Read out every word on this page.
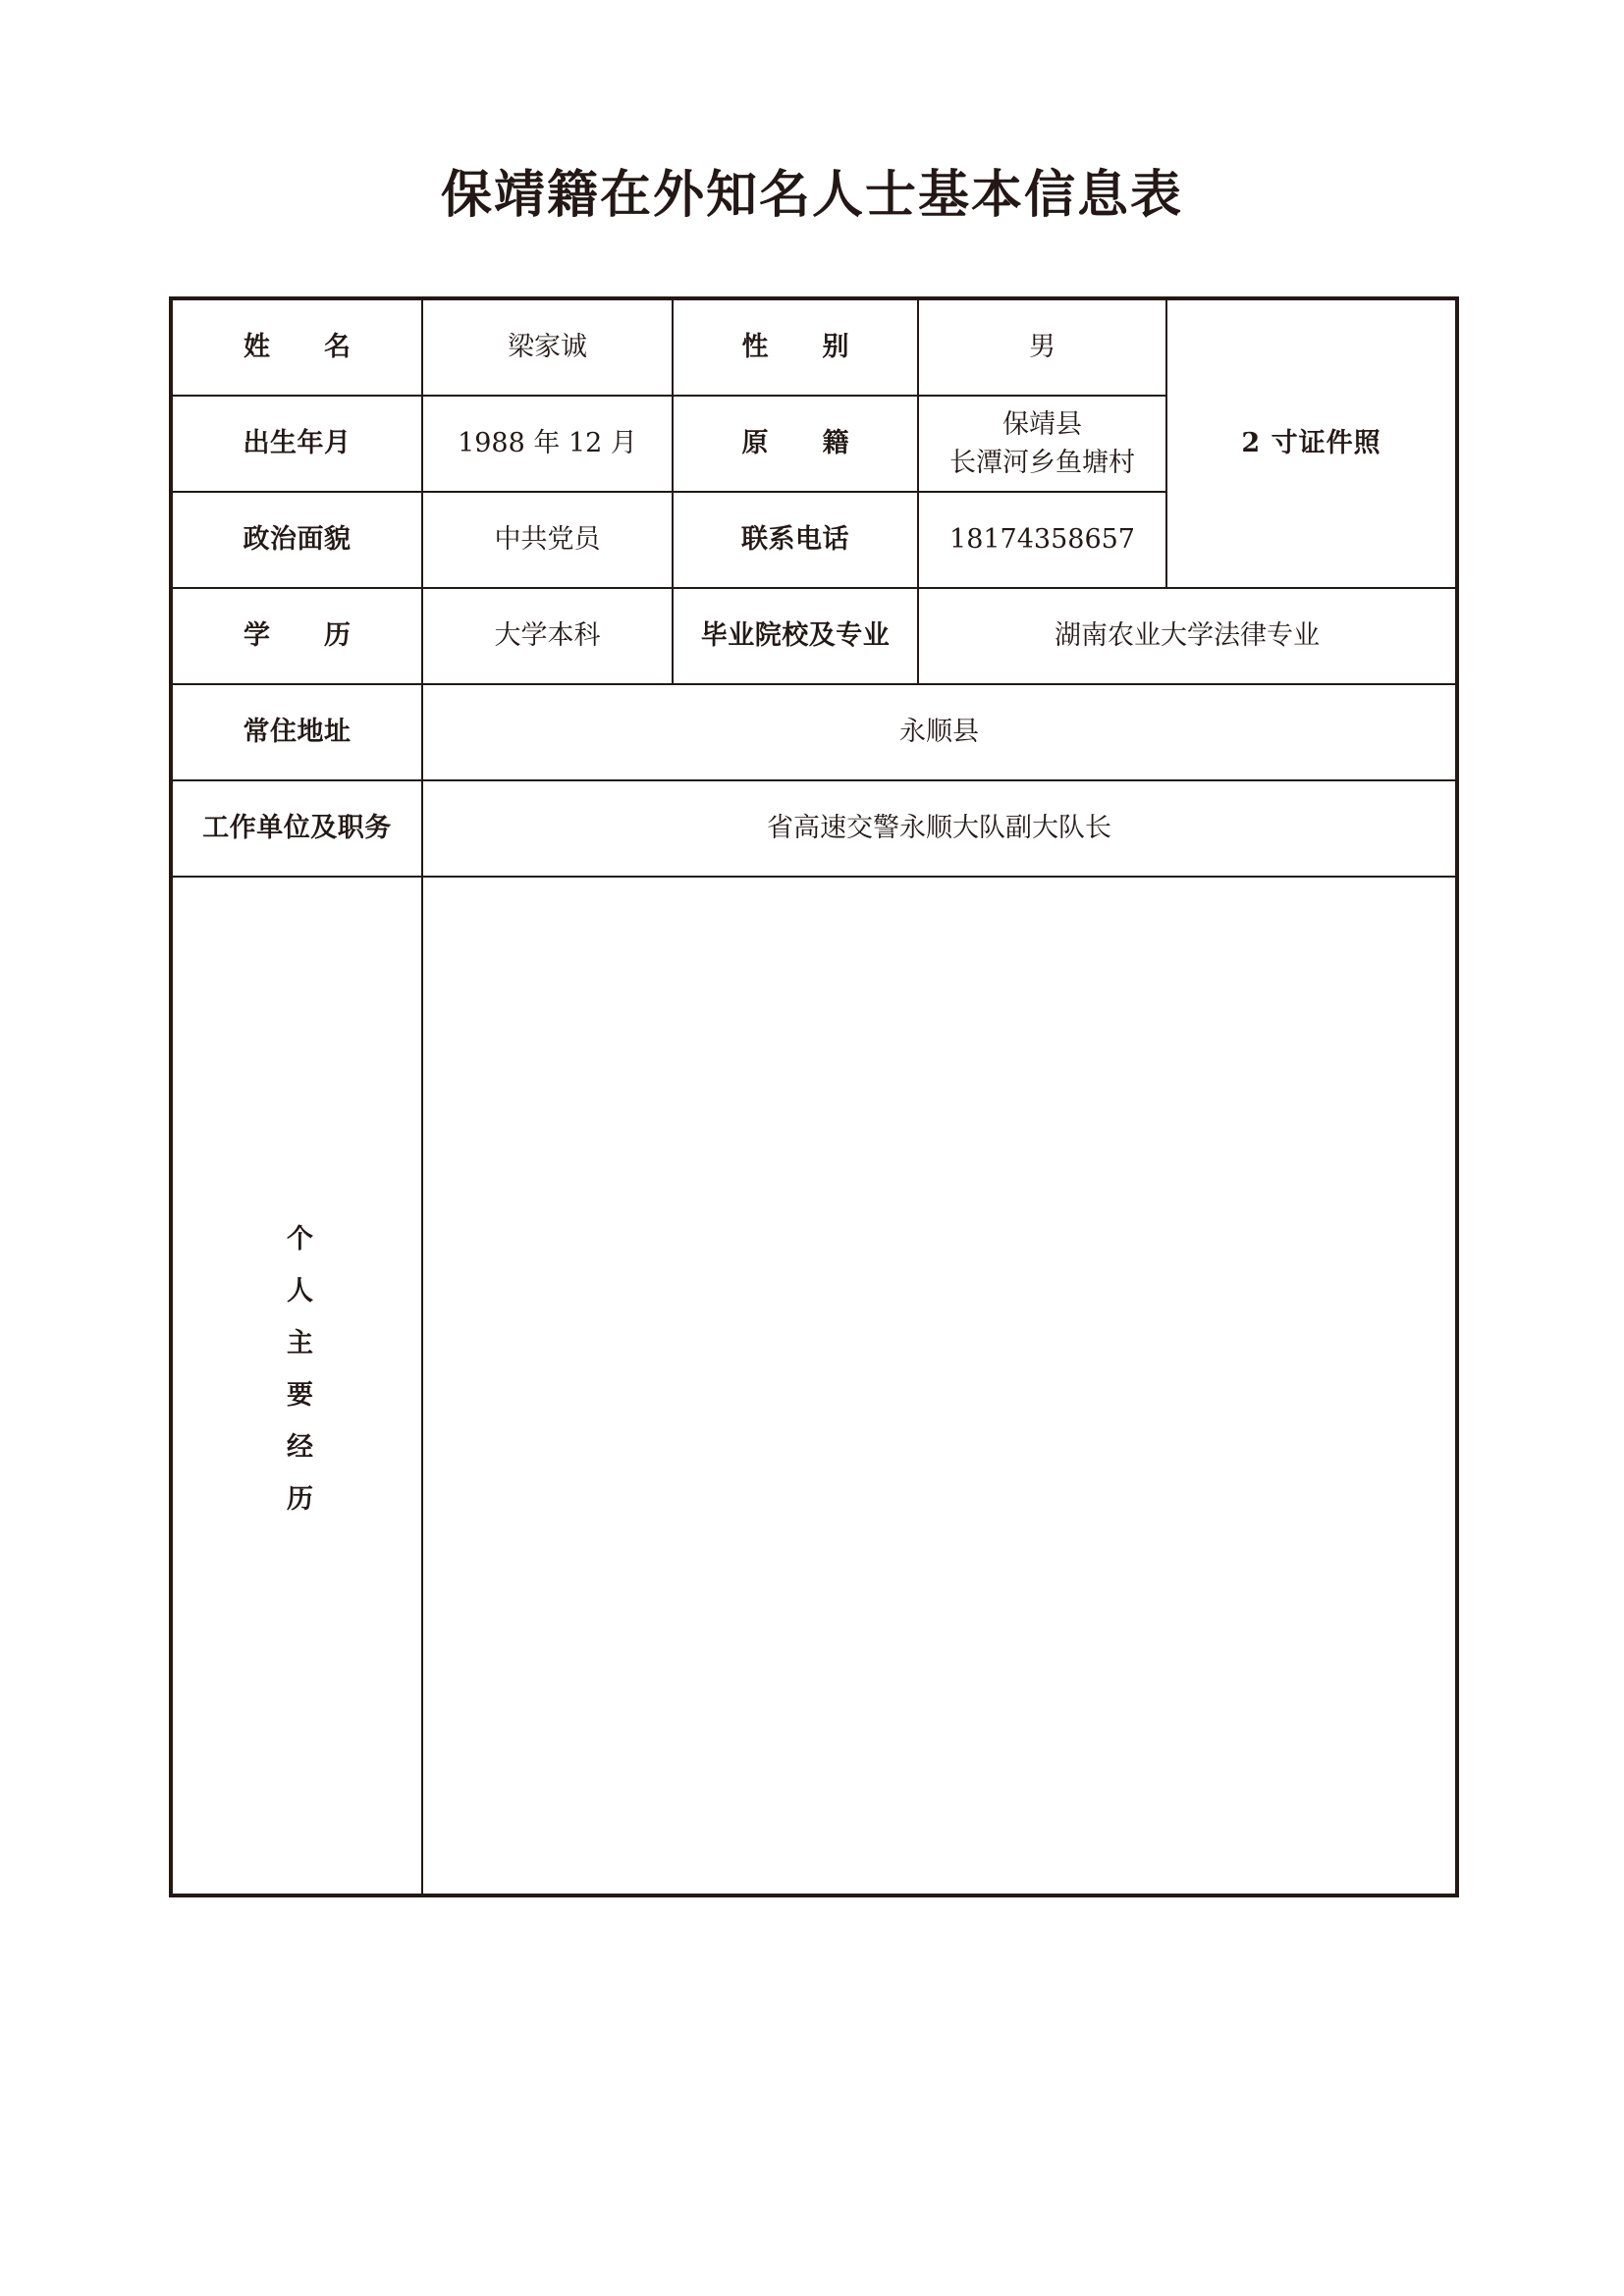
保靖籍在外知名人士基本信息表
姓　名	梁家诚	性　别	男	2 寸证件照
出生年月	1988 年 12 月	原　籍	保靖县
长潭河乡鱼塘村	

政治面貌	中共党员	联系电话	18174358657	
学　历	大学本科	毕业院校及专业	湖南农业大学法律专业	
常住地址	永顺县			
工作单位及职务	省高速交警永顺大队副大队长			
个人主要经历				
